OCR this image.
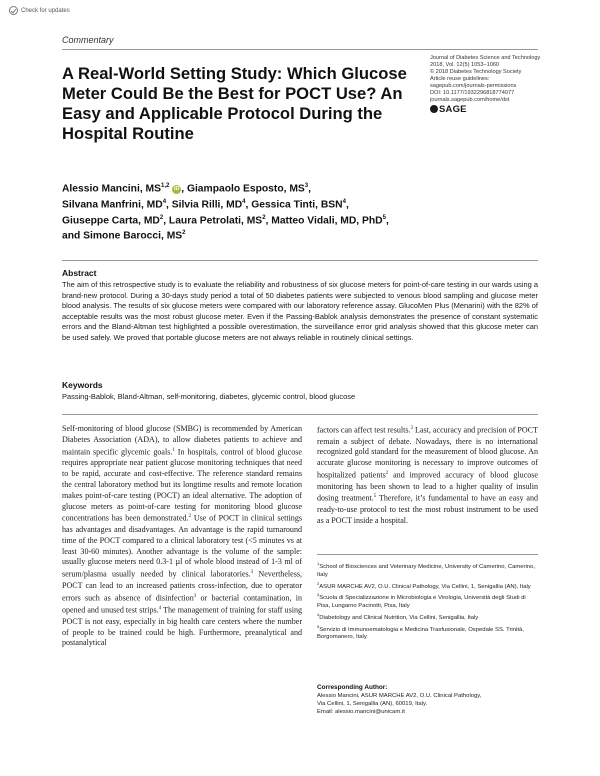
Check for updates
Commentary
A Real-World Setting Study: Which Glucose Meter Could Be the Best for POCT Use? An Easy and Applicable Protocol During the Hospital Routine
Journal of Diabetes Science and Technology
2018, Vol. 12(5) 1053–1060
© 2018 Diabetes Technology Society
Article reuse guidelines:
sagepub.com/journals-permissions
DOI: 10.1177/1932296818774077
journals.sagepub.com/home/dst
SAGE
Alessio Mancini, MS$^{1,2}$ iD , Giampaolo Esposto, $MS^3$,
Silvana Manfrini, $MD^4$, Silvia Rilli, $MD^4$, Gessica Tinti, BSN$^4$,
Giuseppe Carta, $MD^2$, Laura Petrolati, $MS^2$, Matteo Vidali, MD, PhD$^5$,
and Simone Barocci, $MS^2$
Abstract

The aim of this retrospective study is to evaluate the reliability and robustness of six glucose meters for point-of-care testing in our wards using a brand-new protocol. During a 30-days study period a total of 50 diabetes patients were subjected to venous blood sampling and glucose meter blood analysis. The results of six glucose meters were compared with our laboratory reference assay. GlucoMen Plus (Menarini) with the 82% of acceptable results was the most robust glucose meter. Even if the Passing-Bablok analysis demonstrates the presence of constant systematic errors and the Bland-Altman test highlighted a possible overestimation, the surveillance error grid analysis showed that this glucose meter can be used safely. We proved that portable glucose meters are not always reliable in routinely clinical settings.

Keywords

Passing-Bablok, Bland-Altman, self-monitoring, diabetes, glycemic control, blood glucose

Self-monitoring of blood glucose (SMBG) is recommended by American Diabetes Association (ADA), to allow diabetes patients to achieve and maintain specific glycemic goals.$^1$ In hospitals, control of blood glucose requires appropriate near patient glucose monitoring techniques that need to be rapid, accurate and cost-effective. The reference standard remains the central laboratory method but its longtime results and remote location makes point-of-care testing (POCT) an ideal alternative. The adoption of glucose meters as point-of-care testing for monitoring blood glucose concentrations has been demonstrated.$^2$ Use of POCT in clinical settings has advantages and disadvantages. An advantage is the rapid turnaround time of the POCT compared to a clinical laboratory test (<5 minutes vs at least 30-60 minutes). Another advantage is the volume of the sample: usually glucose meters need 0.3-1 µl of whole blood instead of 1-3 ml of serum/plasma usually needed by clinical laboratories.$^3$ Nevertheless, POCT can lead to an increased patients cross-infection, due to operator errors such as absence of disinfection$^3$ or bacterial contamination, in opened and unused test strips.$^4$ The management of training for staff using POCT is not easy, especially in big health care centers where the number of people to be trained could be high. Furthermore, preanalytical and postanalytical

factors can affect test results.$^3$ Last, accuracy and precision of POCT remain a subject of debate. Nowadays, there is no international recognized gold standard for the measurement of blood glucose. An accurate glucose monitoring is necessary to improve outcomes of hospitalized patients$^2$ and improved accuracy of blood glucose monitoring has been shown to lead to a higher quality of insulin dosing treatment.$^5$ Therefore, it’s fundamental to have an easy and ready-to-use protocol to test the most robust instrument to be used as a POCT inside a hospital.

$^1$School of Biosciences and Veterinary Medicine, University of Camerino, Camerino, Italy
$^2$ASUR MARCHE AV2, O.U. Clinical Pathology, Via Cellini, 1, Senigallia (AN), Italy
$^3$Scuola di Specializzazione in Microbiologia e Virologia, Università degli Studi di Pisa, Lungarno Pacinotti, Pisa, Italy
$^4$Diabetology and Clinical Nutrition, Via Cellini, Senigallia, Italy
$^5$Servizio di Immunoematologia e Medicina Trasfusionale, Ospedale SS. Trinità, Borgomanero, Italy
Corresponding Author:
Alessio Mancini, ASUR MARCHE AV2, O.U. Clinical Pathology,
Via Cellini, 1, Senigallia (AN), 60019, Italy.
Email: alessio.mancini@unicam.it
